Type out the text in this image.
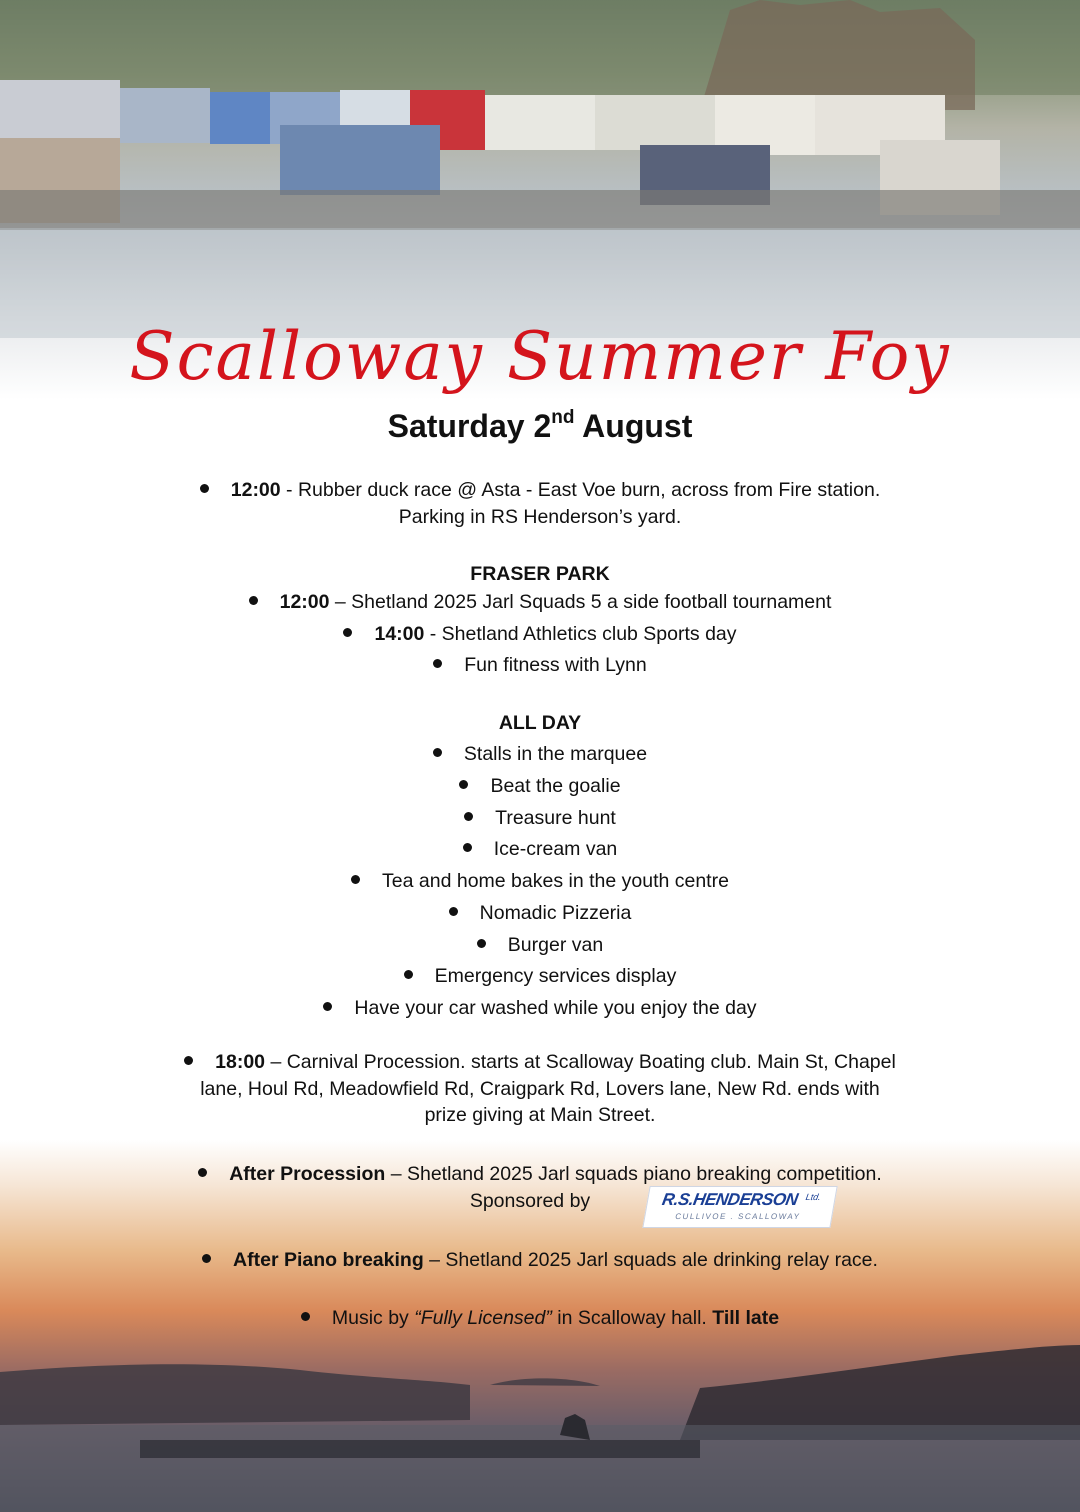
Scalloway Summer Foy
Saturday 2nd August
12:00 - Rubber duck race @ Asta - East Voe burn, across from Fire station.
Parking in RS Henderson’s yard.
FRASER PARK
12:00 – Shetland 2025 Jarl Squads 5 a side football tournament
14:00 - Shetland Athletics club Sports day
Fun fitness with Lynn
ALL DAY
Stalls in the marquee
Beat the goalie
Treasure hunt
Ice-cream van
Tea and home bakes in the youth centre
Nomadic Pizzeria
Burger van
Emergency services display
Have your car washed while you enjoy the day
18:00 – Carnival Procession. starts at Scalloway Boating club. Main St, Chapel
lane, Houl Rd, Meadowfield Rd, Craigpark Rd, Lovers lane, New Rd. ends with
prize giving at Main Street.
After Procession – Shetland 2025 Jarl squads piano breaking competition.
Sponsored by	R.S.HENDERSON Ltd.
CULLIVOE . SCALLOWAY
After Piano breaking – Shetland 2025 Jarl squads ale drinking relay race.
Music by “Fully Licensed” in Scalloway hall. Till late
